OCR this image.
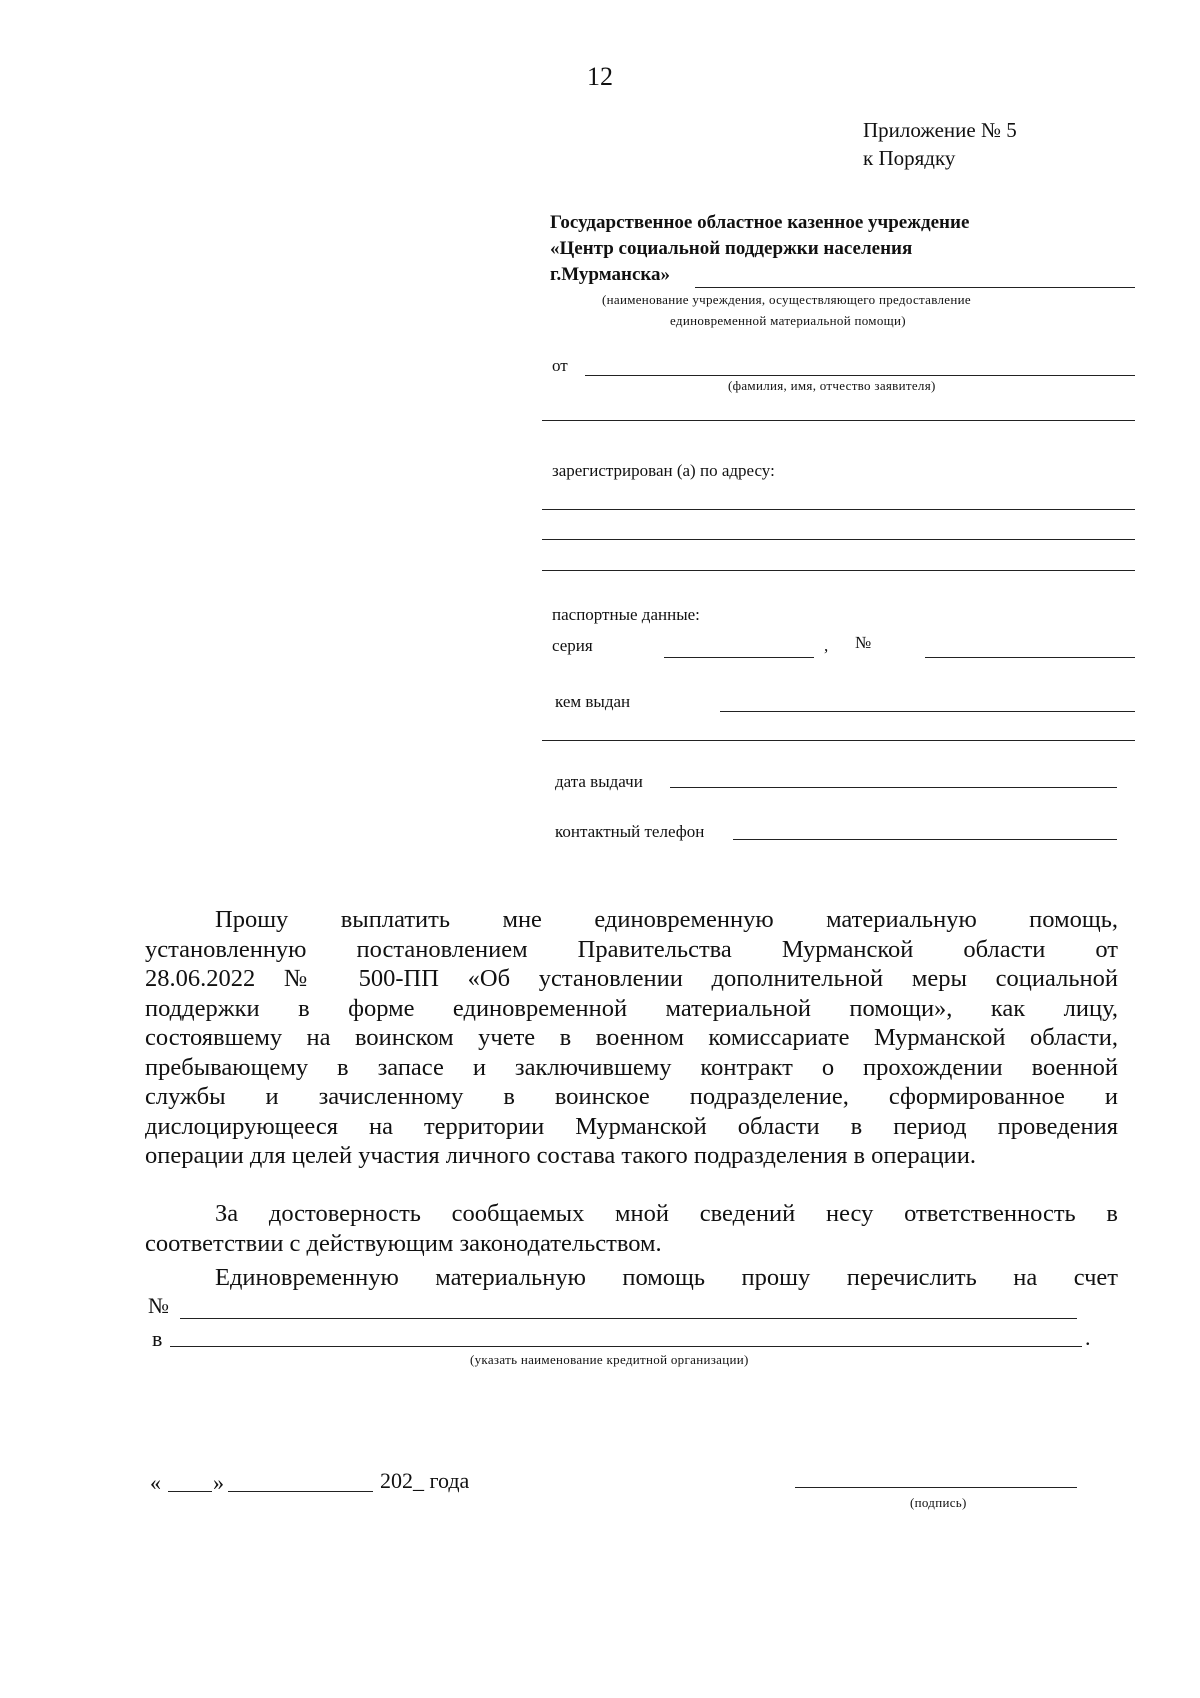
12
Приложение № 5
к Порядку
Государственное областное казенное учреждение
«Центр социальной поддержки населения
г.Мурманска»
(наименование учреждения, осуществляющего предоставление
единовременной материальной помощи)
от
(фамилия, имя, отчество заявителя)
зарегистрирован (а) по адресу:
паспортные данные:
серия	, №
кем выдан
дата выдачи
контактный телефон
Прошу выплатить мне единовременную материальную помощь,
установленную постановлением Правительства Мурманской области от
28.06.2022 № 500-ПП «Об установлении дополнительной меры социальной
поддержки в форме единовременной материальной помощи», как лицу,
состоявшему на воинском учете в военном комиссариате Мурманской области,
пребывающему в запасе и заключившему контракт о прохождении военной
службы и зачисленному в воинское подразделение, сформированное и
дислоцирующееся на территории Мурманской области в период проведения
операции для целей участия личного состава такого подразделения в операции.
За достоверность сообщаемых мной сведений несу ответственность в
соответствии с действующим законодательством.
Единовременную материальную помощь прошу перечислить на счет
№
в	.
(указать наименование кредитной организации)
« »	202_ года
(подпись)
